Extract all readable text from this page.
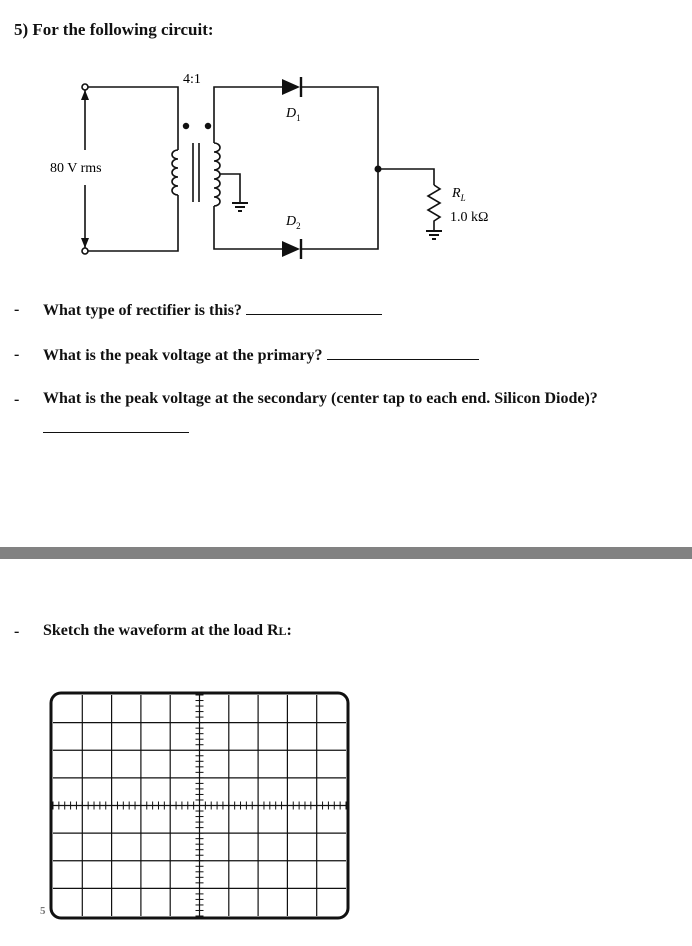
5) For the following circuit:
4:1
80 V rms
$D_1$
$D_2$
$R_L$
1.0 kΩ
- What type of rectifier is this?
- What is the peak voltage at the primary?
- What is the peak voltage at the secondary (center tap to each end. Silicon Diode)?
- Sketch the waveform at the load RL:
5
